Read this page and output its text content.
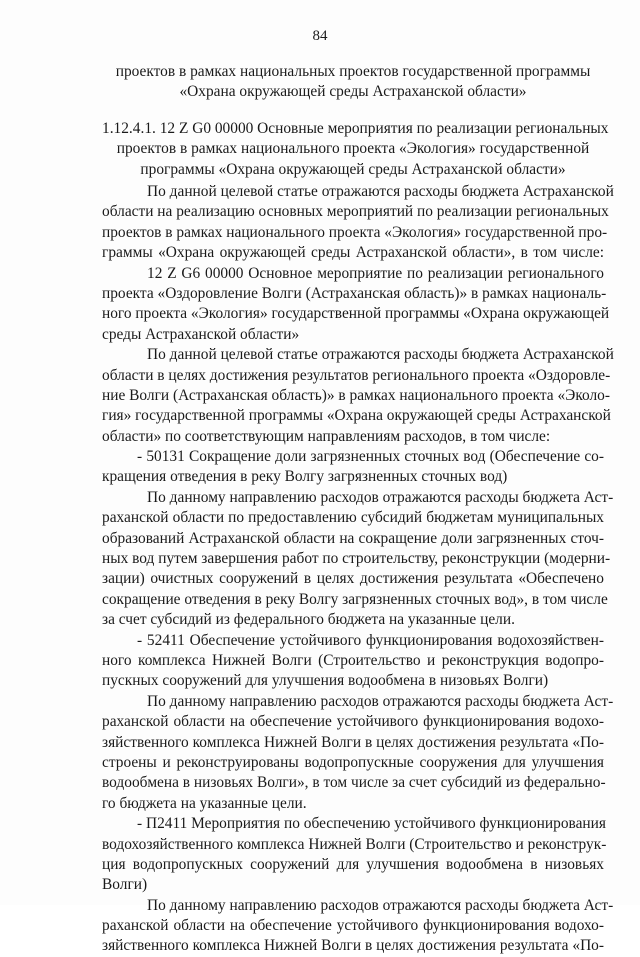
84
проектов в рамках национальных проектов государственной программы
«Охрана окружающей среды Астраханской области»
1.12.4.1. 12 Z G0 00000 Основные мероприятия по реализации региональных
проектов в рамках национального проекта «Экология» государственной
программы «Охрана окружающей среды Астраханской области»
По данной целевой статье отражаются расходы бюджета Астраханской
области на реализацию основных мероприятий по реализации региональных
проектов в рамках национального проекта «Экология» государственной про-
граммы «Охрана окружающей среды Астраханской области», в том числе:
12 Z G6 00000 Основное мероприятие по реализации регионального
проекта «Оздоровление Волги (Астраханская область)» в рамках националь-
ного проекта «Экология» государственной программы «Охрана окружающей
среды Астраханской области»
По данной целевой статье отражаются расходы бюджета Астраханской
области в целях достижения результатов регионального проекта «Оздоровле-
ние Волги (Астраханская область)» в рамках национального проекта «Эколо-
гия» государственной программы «Охрана окружающей среды Астраханской
области» по соответствующим направлениям расходов, в том числе:
- 50131 Сокращение доли загрязненных сточных вод (Обеспечение со-
кращения отведения в реку Волгу загрязненных сточных вод)
По данному направлению расходов отражаются расходы бюджета Аст-
раханской области по предоставлению субсидий бюджетам муниципальных
образований Астраханской области на сокращение доли загрязненных сточ-
ных вод путем завершения работ по строительству, реконструкции (модерни-
зации) очистных сооружений в целях достижения результата «Обеспечено
сокращение отведения в реку Волгу загрязненных сточных вод», в том числе
за счет субсидий из федерального бюджета на указанные цели.
- 52411 Обеспечение устойчивого функционирования водохозяйствен-
ного комплекса Нижней Волги (Строительство и реконструкция водопро-
пускных сооружений для улучшения водообмена в низовьях Волги)
По данному направлению расходов отражаются расходы бюджета Аст-
раханской области на обеспечение устойчивого функционирования водохо-
зяйственного комплекса Нижней Волги в целях достижения результата «По-
строены и реконструированы водопропускные сооружения для улучшения
водообмена в низовьях Волги», в том числе за счет субсидий из федерально-
го бюджета на указанные цели.
- П2411 Мероприятия по обеспечению устойчивого функционирования
водохозяйственного комплекса Нижней Волги (Строительство и реконструк-
ция водопропускных сооружений для улучшения водообмена в низовьях
Волги)
По данному направлению расходов отражаются расходы бюджета Аст-
раханской области на обеспечение устойчивого функционирования водохо-
зяйственного комплекса Нижней Волги в целях достижения результата «По-
